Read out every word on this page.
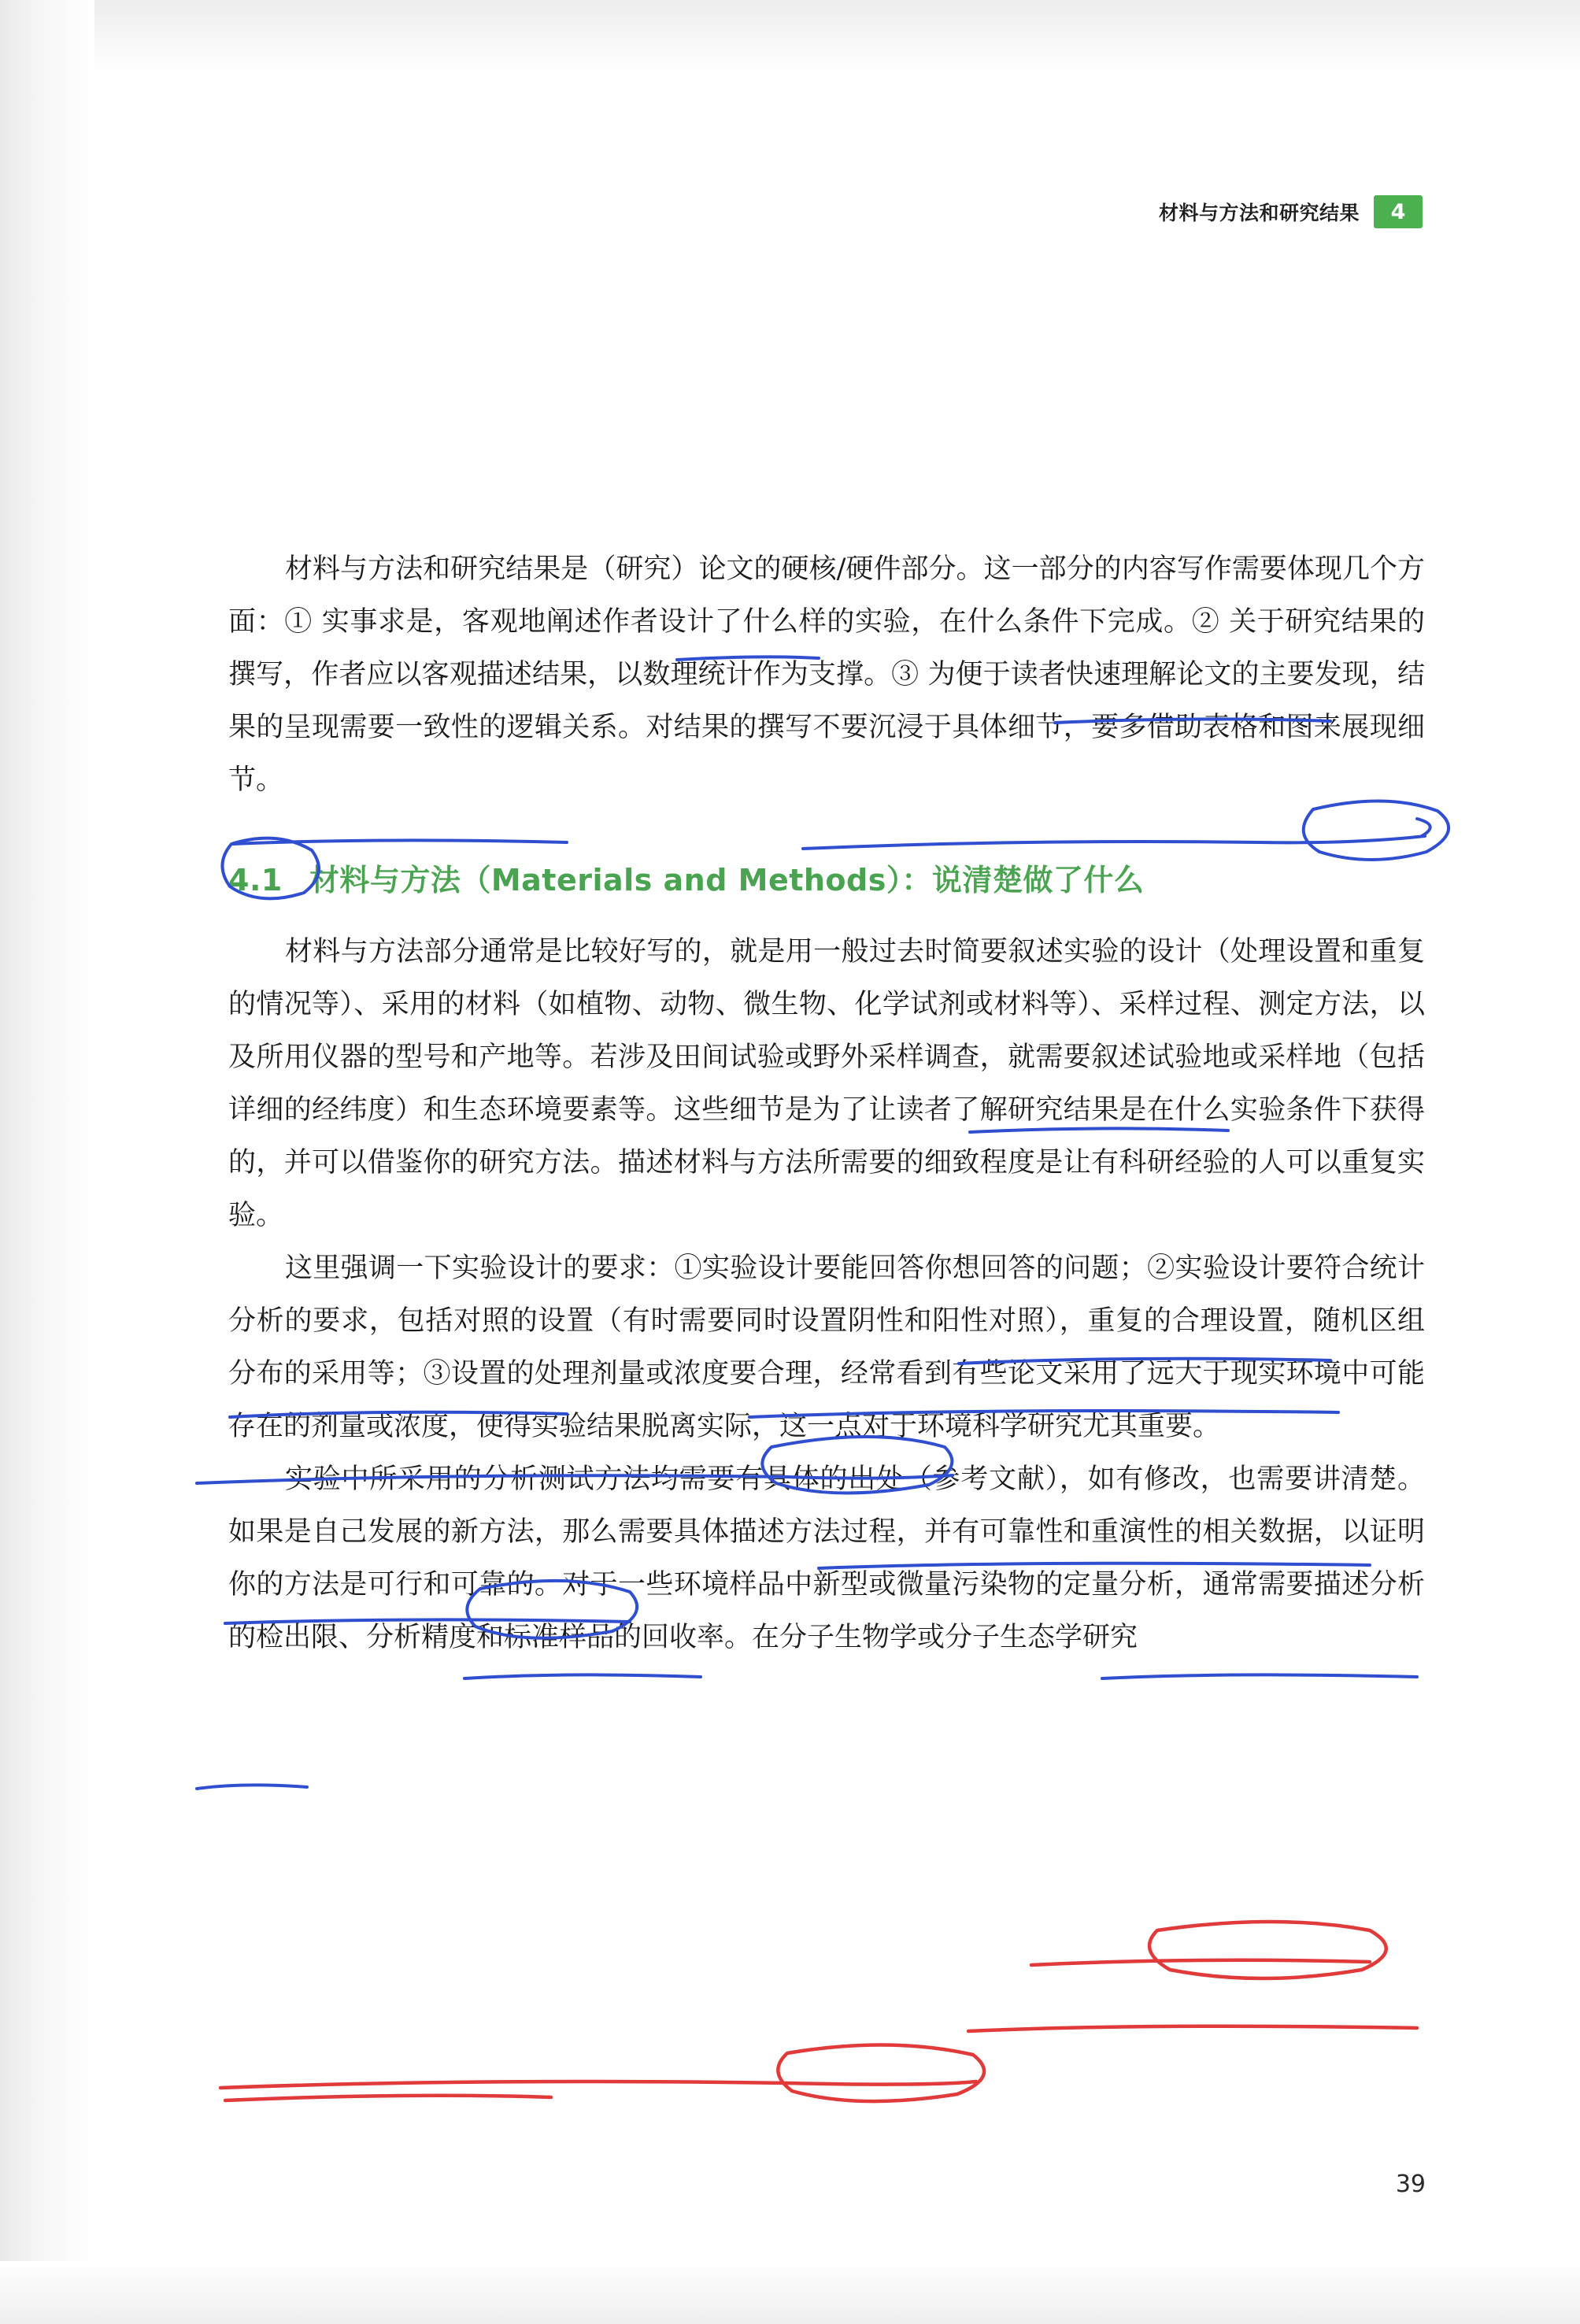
材料与方法和研究结果	4

材料与方法和研究结果是（研究）论文的硬核/硬件部分。这一部分的内容写作需要体现几个方面：① 实事求是，客观地阐述作者设计了什么样的实验，在什么条件下完成。② 关于研究结果的撰写，作者应以客观描述结果，以数理统计作为支撑。③ 为便于读者快速理解论文的主要发现，结果的呈现需要一致性的逻辑关系。对结果的撰写不要沉浸于具体细节，要多借助表格和图来展现细节。

4.1 材料与方法（Materials and Methods）：说清楚做了什么

材料与方法部分通常是比较好写的，就是用一般过去时简要叙述实验的设计（处理设置和重复的情况等）、采用的材料（如植物、动物、微生物、化学试剂或材料等）、采样过程、测定方法，以及所用仪器的型号和产地等。若涉及田间试验或野外采样调查，就需要叙述试验地或采样地（包括详细的经纬度）和生态环境要素等。这些细节是为了让读者了解研究结果是在什么实验条件下获得的，并可以借鉴你的研究方法。描述材料与方法所需要的细致程度是让有科研经验的人可以重复实验。

这里强调一下实验设计的要求：①实验设计要能回答你想回答的问题；②实验设计要符合统计分析的要求，包括对照的设置（有时需要同时设置阴性和阳性对照），重复的合理设置，随机区组分布的采用等；③设置的处理剂量或浓度要合理，经常看到有些论文采用了远大于现实环境中可能存在的剂量或浓度，使得实验结果脱离实际，这一点对于环境科学研究尤其重要。

实验中所采用的分析测试方法均需要有具体的出处（参考文献），如有修改，也需要讲清楚。如果是自己发展的新方法，那么需要具体描述方法过程，并有可靠性和重演性的相关数据，以证明你的方法是可行和可靠的。对于一些环境样品中新型或微量污染物的定量分析，通常需要描述分析的检出限、分析精度和标准样品的回收率。在分子生物学或分子生态学研究

39
